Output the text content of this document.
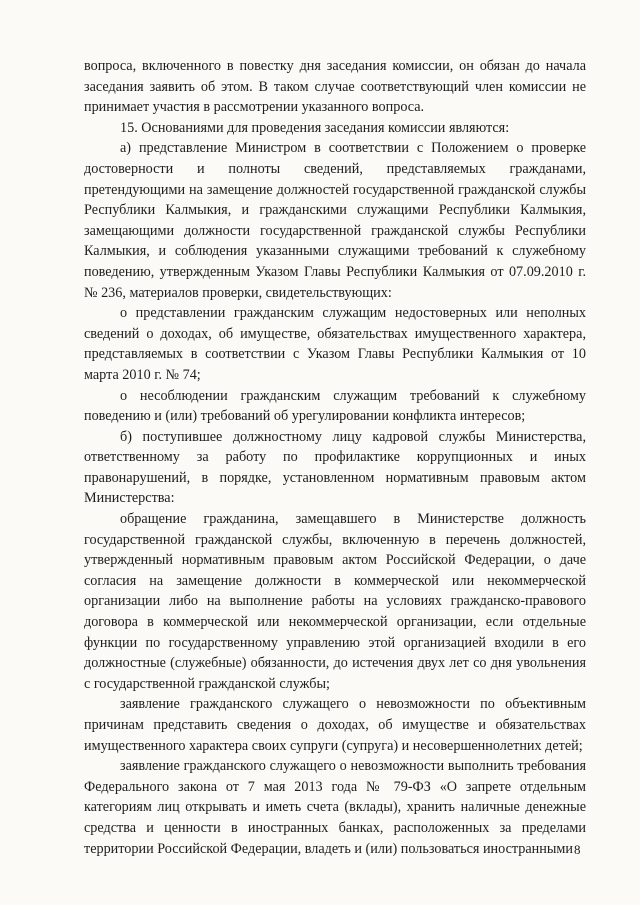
вопроса, включенного в повестку дня заседания комиссии, он обязан до начала заседания заявить об этом. В таком случае соответствующий член комиссии не принимает участия в рассмотрении указанного вопроса.

15. Основаниями для проведения заседания комиссии являются:

а) представление Министром в соответствии с Положением о проверке достоверности и полноты сведений, представляемых гражданами, претендующими на замещение должностей государственной гражданской службы Республики Калмыкия, и гражданскими служащими Республики Калмыкия, замещающими должности государственной гражданской службы Республики Калмыкия, и соблюдения указанными служащими требований к служебному поведению, утвержденным Указом Главы Республики Калмыкия от 07.09.2010 г. № 236, материалов проверки, свидетельствующих:

о представлении гражданским служащим недостоверных или неполных сведений о доходах, об имуществе, обязательствах имущественного характера, представляемых в соответствии с Указом Главы Республики Калмыкия от 10 марта 2010 г. № 74;

о несоблюдении гражданским служащим требований к служебному поведению и (или) требований об урегулировании конфликта интересов;

б) поступившее должностному лицу кадровой службы Министерства, ответственному за работу по профилактике коррупционных и иных правонарушений, в порядке, установленном нормативным правовым актом Министерства:

обращение гражданина, замещавшего в Министерстве должность государственной гражданской службы, включенную в перечень должностей, утвержденный нормативным правовым актом Российской Федерации, о даче согласия на замещение должности в коммерческой или некоммерческой организации либо на выполнение работы на условиях гражданско-правового договора в коммерческой или некоммерческой организации, если отдельные функции по государственному управлению этой организацией входили в его должностные (служебные) обязанности, до истечения двух лет со дня увольнения с государственной гражданской службы;

заявление гражданского служащего о невозможности по объективным причинам представить сведения о доходах, об имуществе и обязательствах имущественного характера своих супруги (супруга) и несовершеннолетних детей;

заявление гражданского служащего о невозможности выполнить требования Федерального закона от 7 мая 2013 года № 79-ФЗ «О запрете отдельным категориям лиц открывать и иметь счета (вклады), хранить наличные денежные средства и ценности в иностранных банках, расположенных за пределами территории Российской Федерации, владеть и (или) пользоваться иностранными 8
